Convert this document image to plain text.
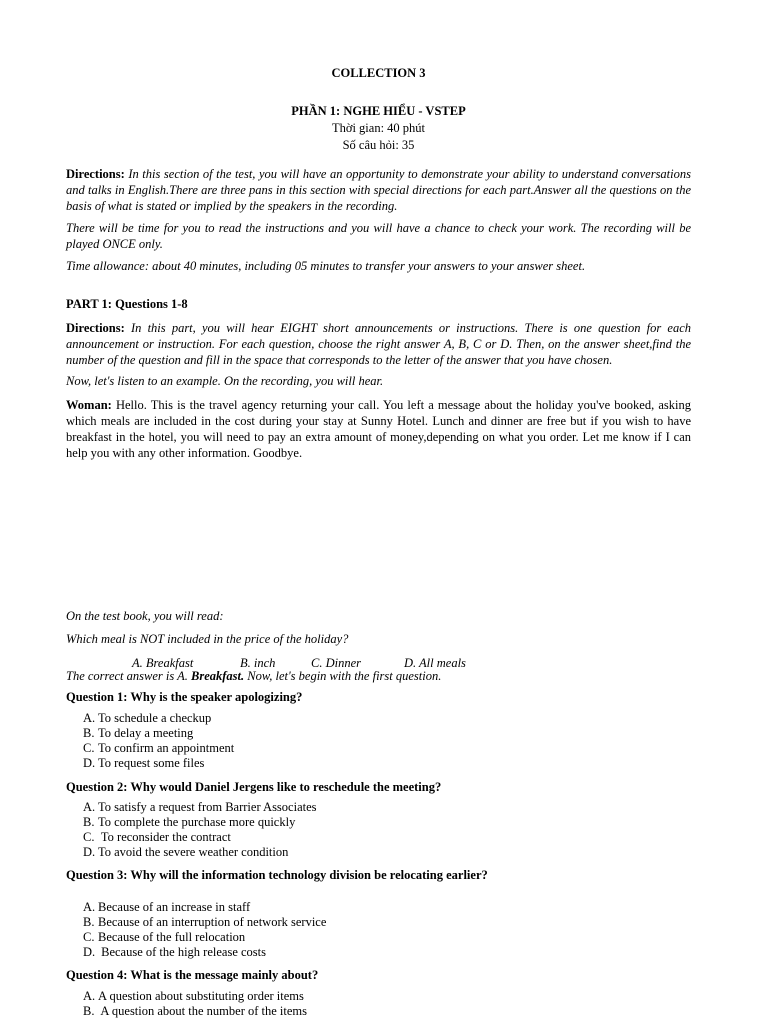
COLLECTION 3
PHẦN 1: NGHE HIỂU - VSTEP
Thời gian: 40 phút
Số câu hỏi: 35
Directions: In this section of the test, you will have an opportunity to demonstrate your ability to understand conversations and talks in English.There are three pans in this section with special directions for each part.Answer all the questions on the basis of what is stated or implied by the speakers in the recording.
There will be time for you to read the instructions and you will have a chance to check your work. The recording will be played ONCE only.
Time allowance: about 40 minutes, including 05 minutes to transfer your answers to your answer sheet.
PART 1: Questions 1-8
Directions: In this part, you will hear EIGHT short announcements or instructions. There is one question for each announcement or instruction. For each question, choose the right answer A, B, C or D. Then, on the answer sheet,find the number of the question and fill in the space that corresponds to the letter of the answer that you have chosen.
Now, let's listen to an example. On the recording, you will hear.
Woman: Hello. This is the travel agency returning your call. You left a message about the holiday you've booked, asking which meals are included in the cost during your stay at Sunny Hotel. Lunch and dinner are free but if you wish to have breakfast in the hotel, you will need to pay an extra amount of money,depending on what you order. Let me know if I can help you with any other information. Goodbye.
On the test book, you will read:
Which meal is NOT included in the price of the holiday?
The correct answer is A. Breakfast. Now, let's begin with the first question.
Question 1: Why is the speaker apologizing?
A. To schedule a checkup
B. To delay a meeting
C. To confirm an appointment
D. To request some files
Question 2: Why would Daniel Jergens like to reschedule the meeting?
A. To satisfy a request from Barrier Associates
B. To complete the purchase more quickly
C. To reconsider the contract
D. To avoid the severe weather condition
Question 3: Why will the information technology division be relocating earlier?
A. Because of an increase in staff
B. Because of an interruption of network service
C. Because of the full relocation
D. Because of the high release costs
Question 4: What is the message mainly about?
A. A question about substituting order items
B. A question about the number of the items
A. Breakfast	B. inch	C. Dinner	D. All meals
